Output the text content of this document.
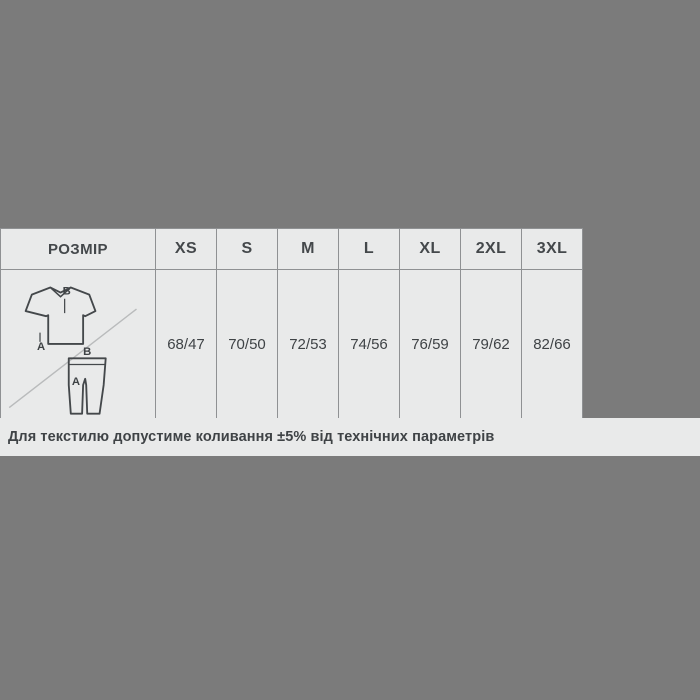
РОЗМІР	XS	S	M	L	XL	2XL	3XL

A
B
A
B	68/47	70/50	72/53	74/56	76/59	79/62	82/66
Для текстилю допустиме коливання ±5% від технічних параметрів
